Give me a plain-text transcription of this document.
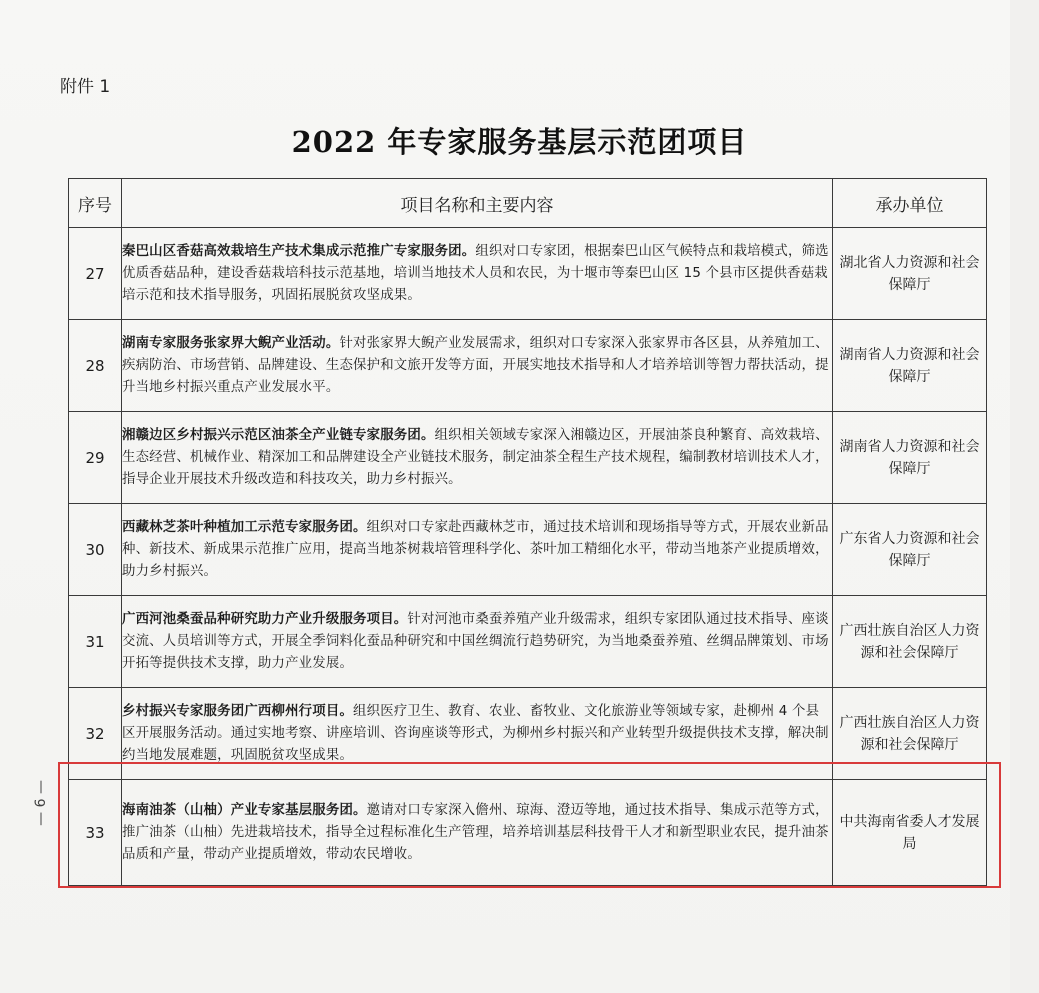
附件 1
2022 年专家服务基层示范团项目
序号	项目名称和主要内容	承办单位
27	秦巴山区香菇高效栽培生产技术集成示范推广专家服务团。组织对口专家团，根据秦巴山区气候特点和栽培模式，筛选优质香菇品种，建设香菇栽培科技示范基地，培训当地技术人员和农民，为十堰市等秦巴山区 15 个县市区提供香菇栽培示范和技术指导服务，巩固拓展脱贫攻坚成果。	湖北省人力资源和社会保障厅
28	湖南专家服务张家界大鲵产业活动。针对张家界大鲵产业发展需求，组织对口专家深入张家界市各区县，从养殖加工、疾病防治、市场营销、品牌建设、生态保护和文旅开发等方面，开展实地技术指导和人才培养培训等智力帮扶活动，提升当地乡村振兴重点产业发展水平。	湖南省人力资源和社会保障厅
29	湘赣边区乡村振兴示范区油茶全产业链专家服务团。组织相关领域专家深入湘赣边区，开展油茶良种繁育、高效栽培、生态经营、机械作业、精深加工和品牌建设全产业链技术服务，制定油茶全程生产技术规程，编制教材培训技术人才，指导企业开展技术升级改造和科技攻关，助力乡村振兴。	湖南省人力资源和社会保障厅
30	西藏林芝茶叶种植加工示范专家服务团。组织对口专家赴西藏林芝市，通过技术培训和现场指导等方式，开展农业新品种、新技术、新成果示范推广应用，提高当地茶树栽培管理科学化、茶叶加工精细化水平，带动当地茶产业提质增效，助力乡村振兴。	广东省人力资源和社会保障厅
31	广西河池桑蚕品种研究助力产业升级服务项目。针对河池市桑蚕养殖产业升级需求，组织专家团队通过技术指导、座谈交流、人员培训等方式，开展全季饲料化蚕品种研究和中国丝绸流行趋势研究，为当地桑蚕养殖、丝绸品牌策划、市场开拓等提供技术支撑，助力产业发展。	广西壮族自治区人力资源和社会保障厅
32	乡村振兴专家服务团广西柳州行项目。组织医疗卫生、教育、农业、畜牧业、文化旅游业等领域专家，赴柳州 4 个县区开展服务活动。通过实地考察、讲座培训、咨询座谈等形式，为柳州乡村振兴和产业转型升级提供技术支撑，解决制约当地发展难题，巩固脱贫攻坚成果。	广西壮族自治区人力资源和社会保障厅
33	海南油茶（山柚）产业专家基层服务团。邀请对口专家深入儋州、琼海、澄迈等地，通过技术指导、集成示范等方式，推广油茶（山柚）先进栽培技术，指导全过程标准化生产管理，培养培训基层科技骨干人才和新型职业农民，提升油茶品质和产量，带动产业提质增效，带动农民增收。	中共海南省委人才发展局
— 6 —
